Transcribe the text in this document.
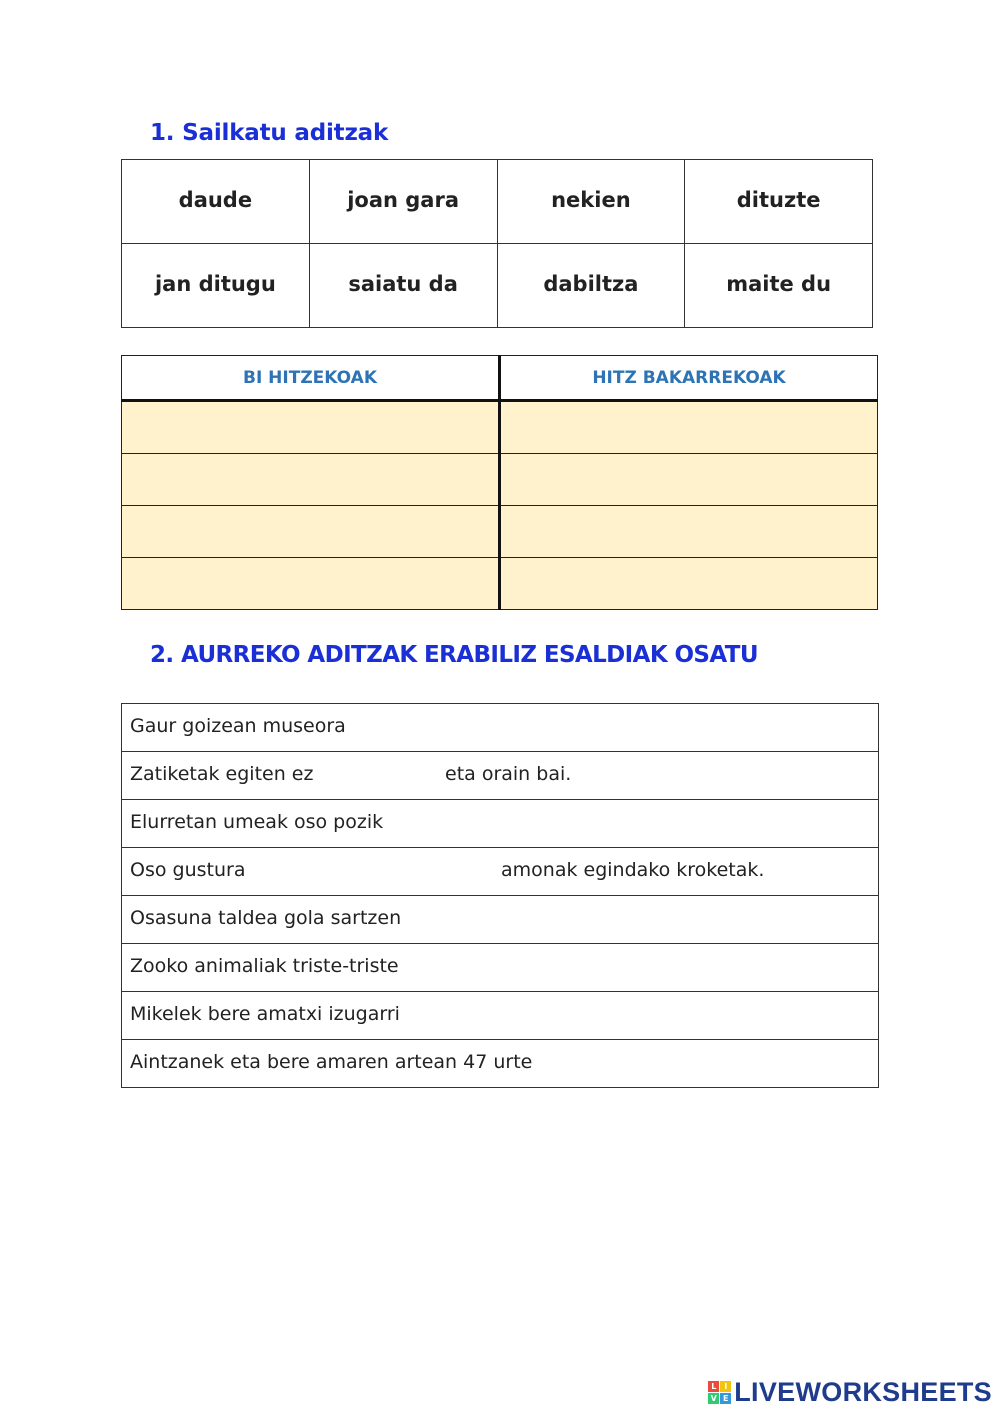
1. Sailkatu aditzak
daude	joan gara	nekien	dituzte
jan ditugu	saiatu da	dabiltza	maite du
BI HITZEKOAK	HITZ BAKARREKOAK

2. AURREKO ADITZAK ERABILIZ ESALDIAK OSATU
Gaur goizean museora

Zatiketak egiten ez	eta orain bai.

Elurretan umeak oso pozik

Oso gustura	amonak egindako kroketak.

Osasuna taldea gola sartzen

Zooko animaliak triste-triste

Mikelek bere amatxi izugarri

Aintzanek eta bere amaren artean 47 urte
L I
V E LIVEWORKSHEETS
